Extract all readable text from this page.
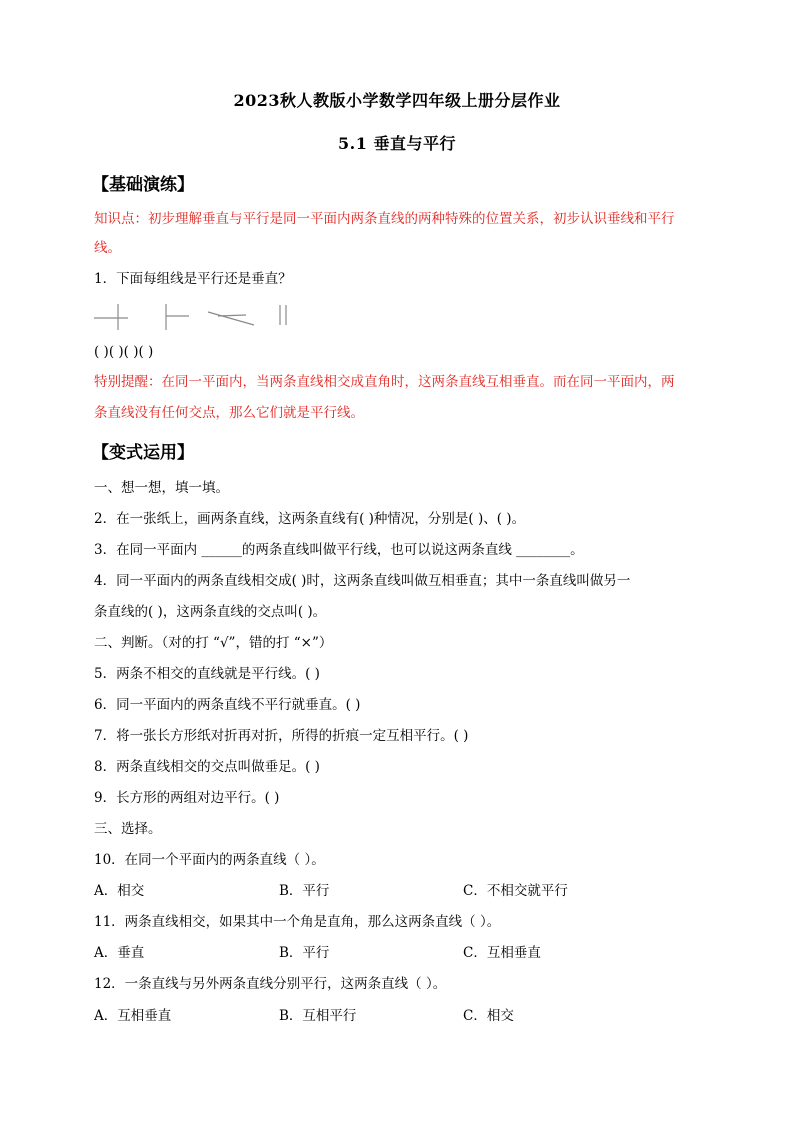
2023秋人教版小学数学四年级上册分层作业
5.1 垂直与平行
【基础演练】
知识点：初步理解垂直与平行是同一平面内两条直线的两种特殊的位置关系，初步认识垂线和平行
线。
1．下面每组线是平行还是垂直？
( )( )( )( )
特别提醒：在同一平面内，当两条直线相交成直角时，这两条直线互相垂直。而在同一平面内，两
条直线没有任何交点，那么它们就是平行线。
【变式运用】
一、想一想，填一填。
2．在一张纸上，画两条直线，这两条直线有( )种情况，分别是( )、( )。
3．在同一平面内 ______的两条直线叫做平行线，也可以说这两条直线 ________。
4．同一平面内的两条直线相交成( )时，这两条直线叫做互相垂直；其中一条直线叫做另一
条直线的( )，这两条直线的交点叫( )。
二、判断。（对的打 “√”，错的打 “×”）
5．两条不相交的直线就是平行线。( )
6．同一平面内的两条直线不平行就垂直。( )
7．将一张长方形纸对折再对折，所得的折痕一定互相平行。( )
8．两条直线相交的交点叫做垂足。( )
9．长方形的两组对边平行。( )
三、选择。
10．在同一个平面内的两条直线（ ）。
A．相交	B．平行	C．不相交就平行
11．两条直线相交，如果其中一个角是直角，那么这两条直线（ ）。
A．垂直	B．平行	C．互相垂直
12．一条直线与另外两条直线分别平行，这两条直线（ ）。
A．互相垂直	B．互相平行	C．相交
